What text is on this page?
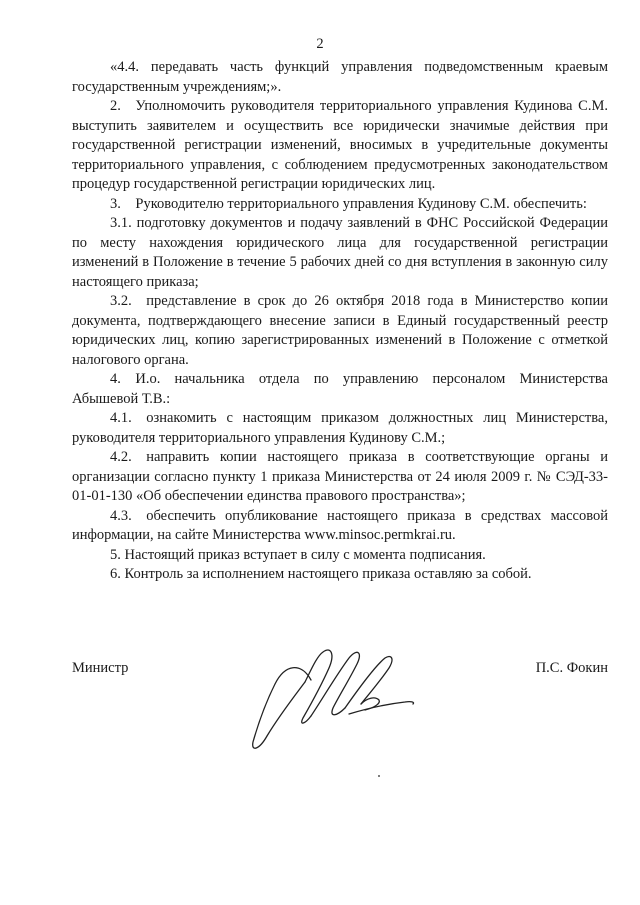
2

«4.4. передавать часть функций управления подведомственным краевым государственным учреждениям;».

2. Уполномочить руководителя территориального управления Кудинова С.М. выступить заявителем и осуществить все юридически значимые действия при государственной регистрации изменений, вносимых в учредительные документы территориального управления, с соблюдением предусмотренных законодательством процедур государственной регистрации юридических лиц.

3. Руководителю территориального управления Кудинову С.М. обеспечить:

3.1. подготовку документов и подачу заявлений в ФНС Российской Федерации по месту нахождения юридического лица для государственной регистрации изменений в Положение в течение 5 рабочих дней со дня вступления в законную силу настоящего приказа;

3.2. представление в срок до 26 октября 2018 года в Министерство копии документа, подтверждающего внесение записи в Единый государственный реестр юридических лиц, копию зарегистрированных изменений в Положение с отметкой налогового органа.

4. И.о. начальника отдела по управлению персоналом Министерства Абышевой Т.В.:

4.1. ознакомить с настоящим приказом должностных лиц Министерства, руководителя территориального управления Кудинову С.М.;

4.2. направить копии настоящего приказа в соответствующие органы и организации согласно пункту 1 приказа Министерства от 24 июля 2009 г. № СЭД-33-01-01-130 «Об обеспечении единства правового пространства»;

4.3. обеспечить опубликование настоящего приказа в средствах массовой информации, на сайте Министерства www.minsoc.permkrai.ru.

5. Настоящий приказ вступает в силу с момента подписания.

6. Контроль за исполнением настоящего приказа оставляю за собой.

Министр	П.С. Фокин
